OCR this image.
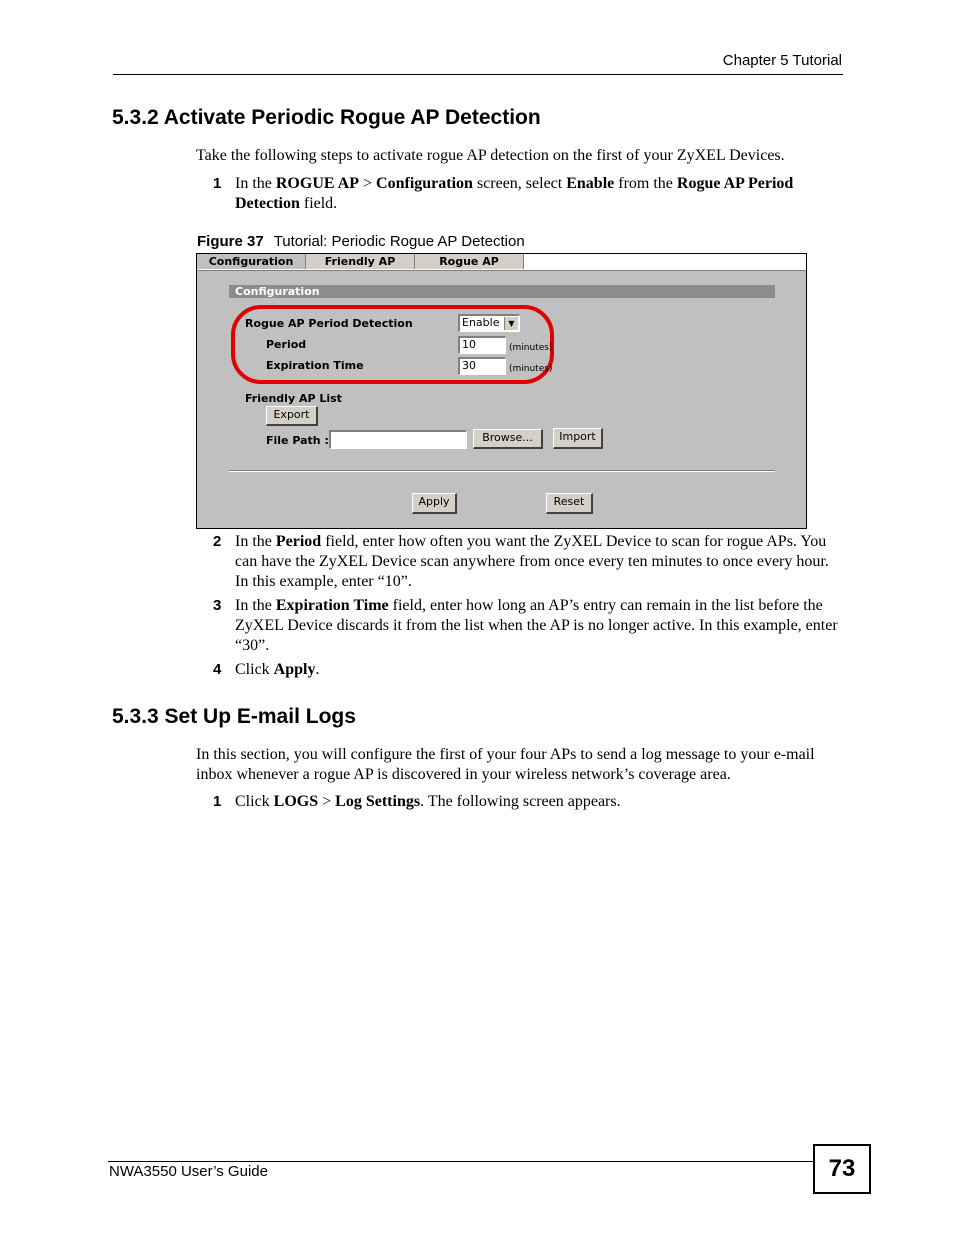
Chapter 5 Tutorial
5.3.2 Activate Periodic Rogue AP Detection
Take the following steps to activate rogue AP detection on the first of your ZyXEL Devices.
1 In the ROGUE AP > Configuration screen, select Enable from the Rogue AP Period Detection field.
Figure 37 Tutorial: Periodic Rogue AP Detection
Configuration	Friendly AP	Rogue AP
Configuration
Rogue AP Period Detection	Enable	▼
Period	10	(minutes)
Expiration Time	30	(minutes)
Friendly AP List
Export
File Path :	Browse...	Import
Apply	Reset
2 In the Period field, enter how often you want the ZyXEL Device to scan for rogue APs. You can have the ZyXEL Device scan anywhere from once every ten minutes to once every hour. In this example, enter “10”.
3 In the Expiration Time field, enter how long an AP’s entry can remain in the list before the ZyXEL Device discards it from the list when the AP is no longer active. In this example, enter “30”.
4 Click Apply.
5.3.3 Set Up E-mail Logs
In this section, you will configure the first of your four APs to send a log message to your e-mail inbox whenever a rogue AP is discovered in your wireless network’s coverage area.
1 Click LOGS > Log Settings. The following screen appears.
NWA3550 User’s Guide	73
